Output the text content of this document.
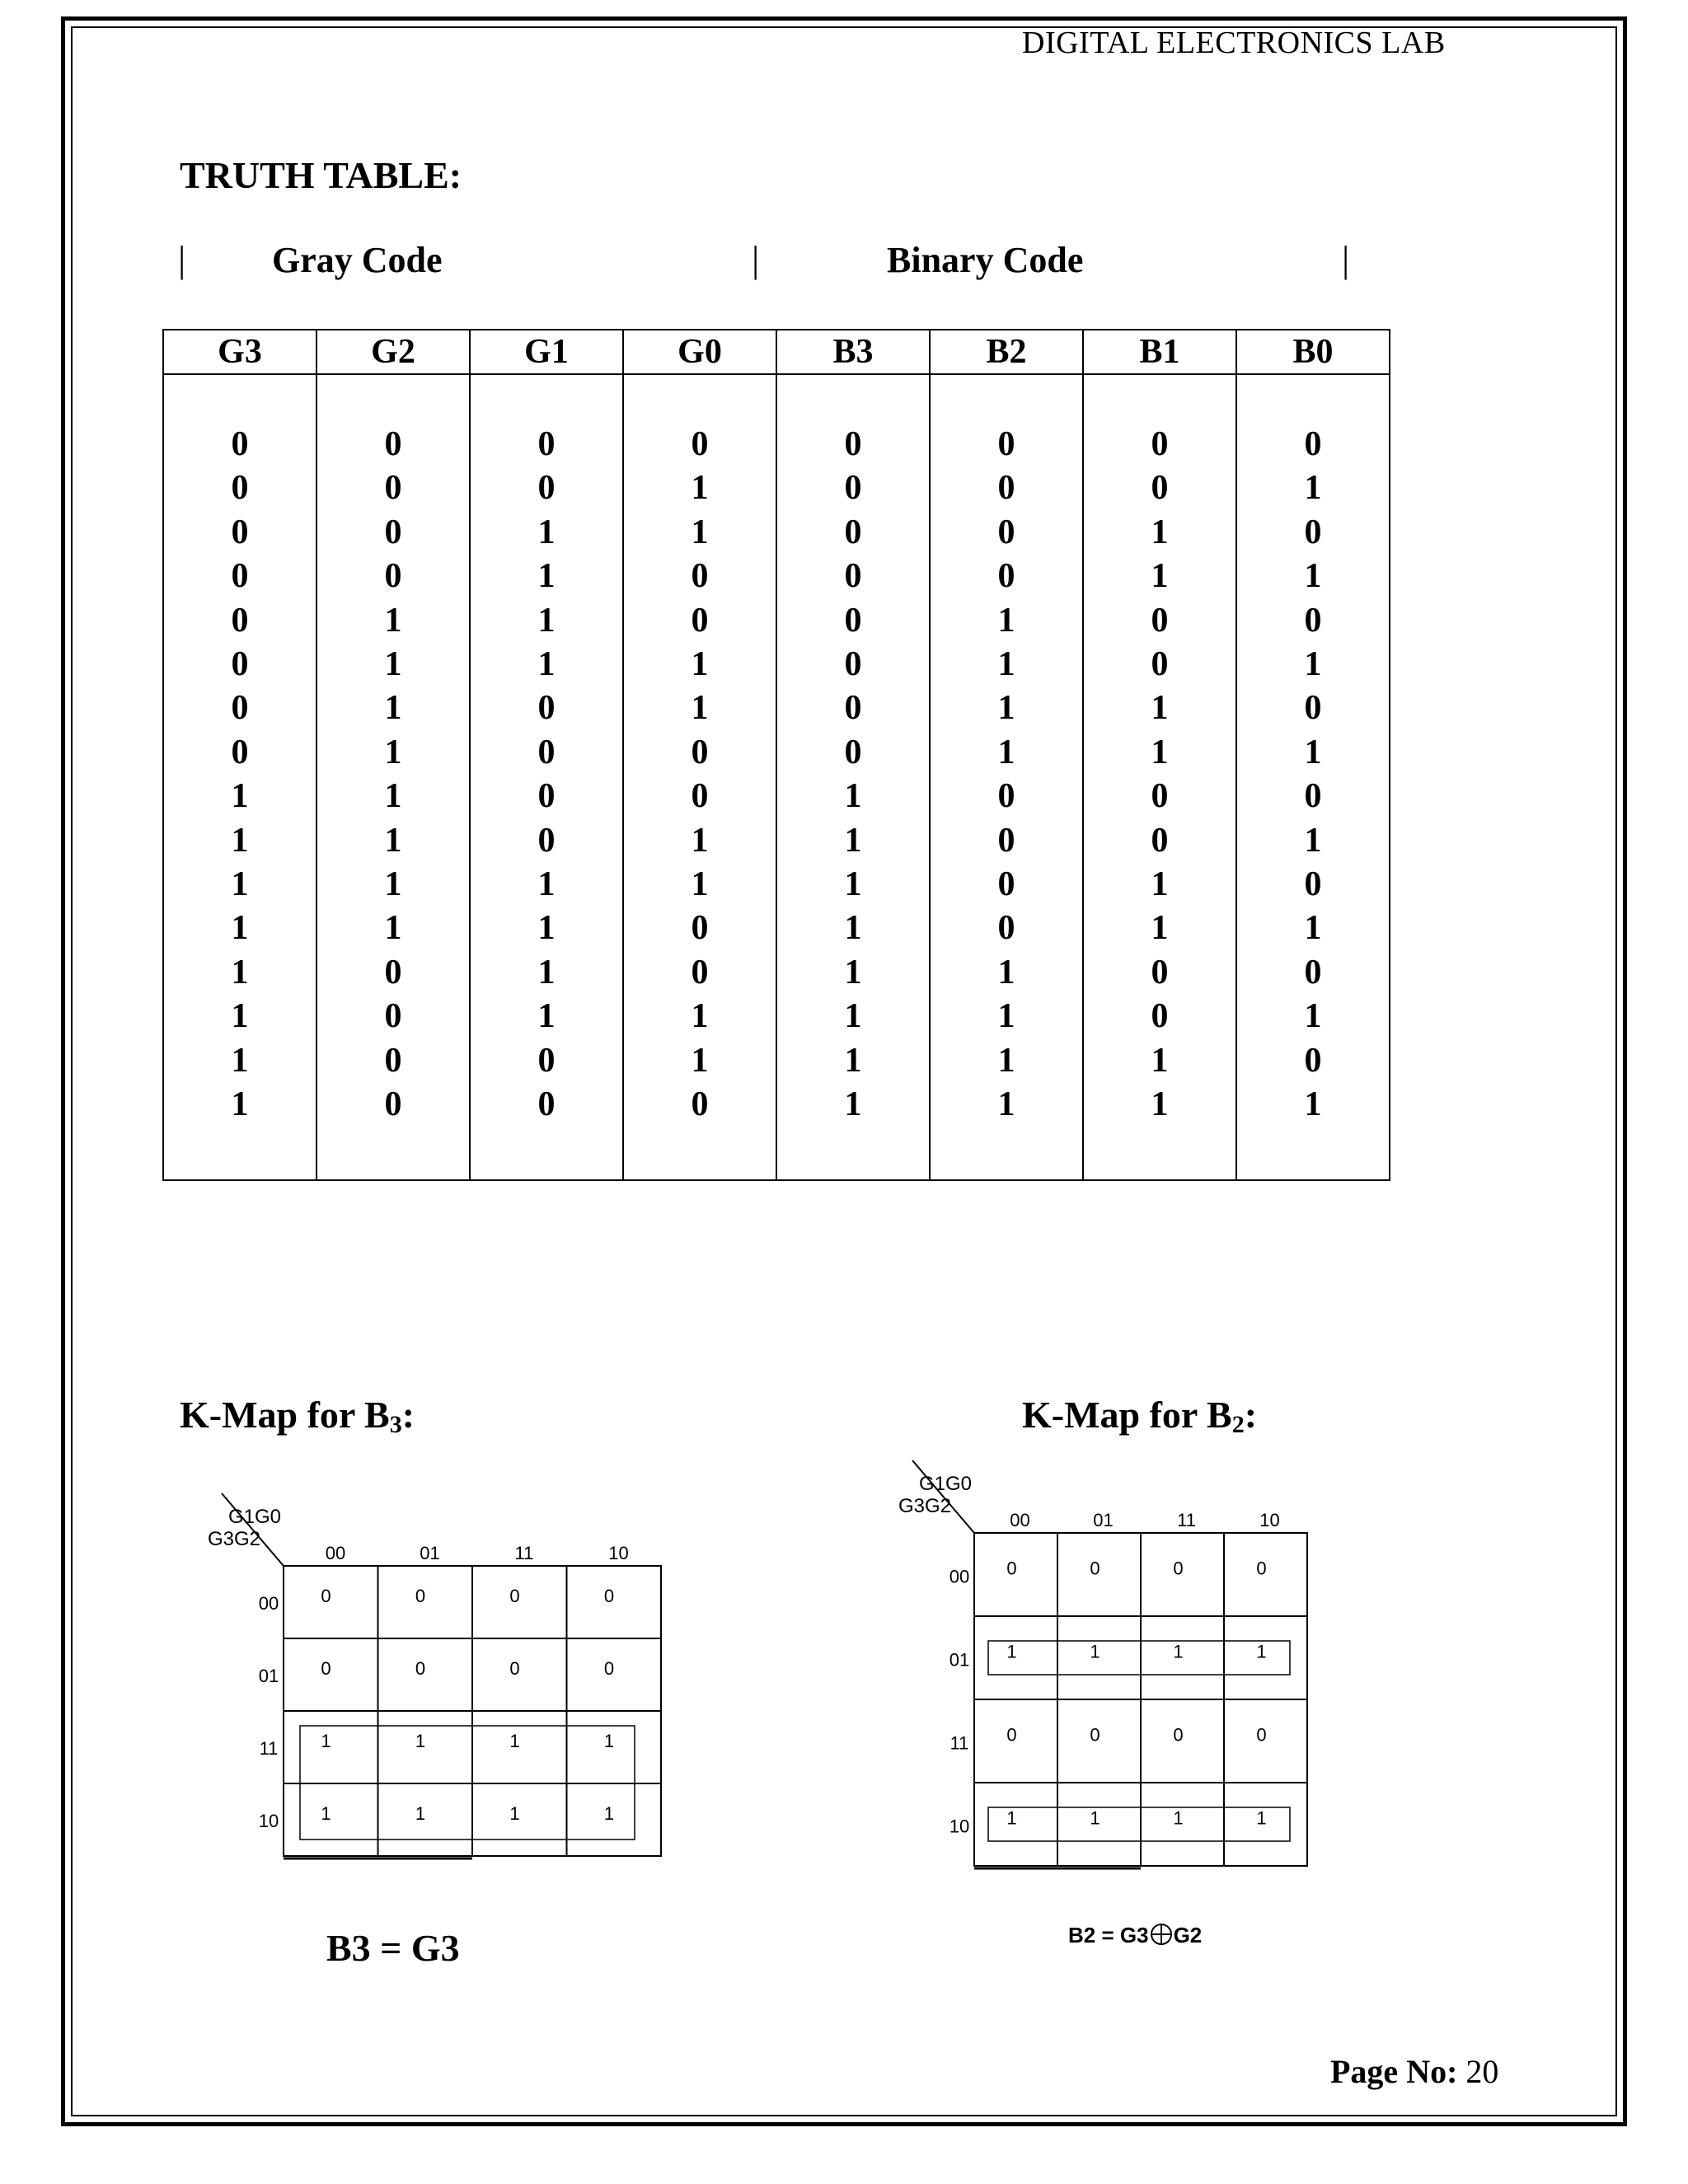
DIGITAL ELECTRONICS LAB
TRUTH TABLE:
| Gray Code	|	Binary Code	|
G3	G2	G1	G0	B3	B2	B1	B0

0	0	0	0	0	0	0	0
0	0	0	1	0	0	0	1
0	0	1	1	0	0	1	0
0	0	1	0	0	0	1	1
0	1	1	0	0	1	0	0
0	1	1	1	0	1	0	1
0	1	0	1	0	1	1	0
0	1	0	0	0	1	1	1
1	1	0	0	1	0	0	0
1	1	0	1	1	0	0	1
1	1	1	1	1	0	1	0
1	1	1	0	1	0	1	1
1	0	1	0	1	1	0	0
1	0	1	1	1	1	0	1
1	0	0	1	1	1	1	0
1	0	0	0	1	1	1	1

K-Map for $B_3$:	K-Map for $B_2$:
G1G0
G3G2
00	01	11	10
00
01
11
10
0	0	0	0
0	0	0	0
1	1	1	1
1	1	1	1
G1G0
G3G2
00	01	11	10
00
01
11
10
0	0	0	0
1	1	1	1
0	0	0	0
1	1	1	1
B3 = G3	B2 = G3 G2
Page No: 20
